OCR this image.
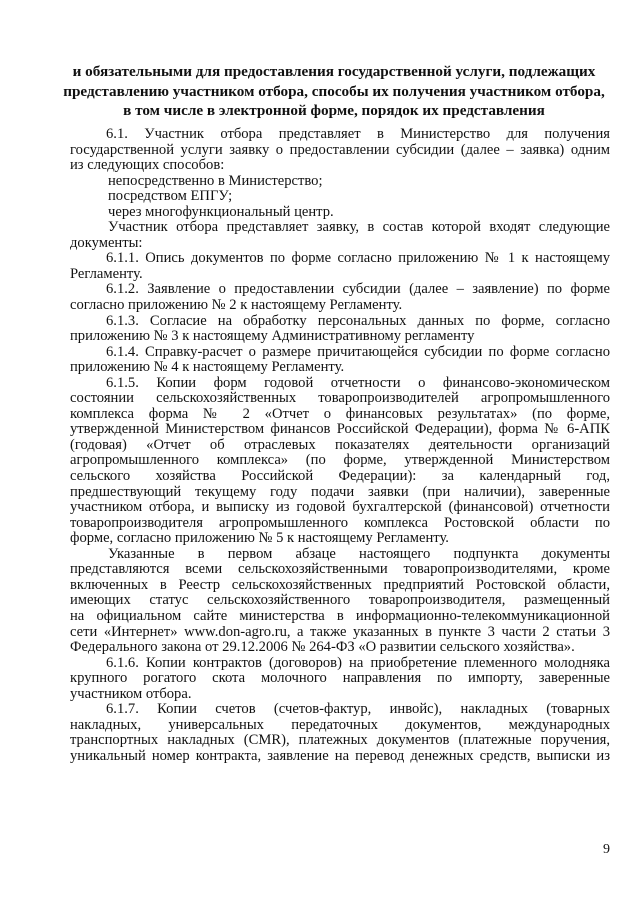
и обязательными для предоставления государственной услуги, подлежащих
представлению участником отбора, способы их получения участником отбора,
в том числе в электронной форме, порядок их представления
6.1. Участник отбора представляет в Министерство для получения
государственной услуги заявку о предоставлении субсидии (далее – заявка) одним
из следующих способов:
непосредственно в Министерство;
посредством ЕПГУ;
через многофункциональный центр.
Участник отбора представляет заявку, в состав которой входят следующие
документы:
6.1.1. Опись документов по форме согласно приложению № 1 к настоящему
Регламенту.
6.1.2. Заявление о предоставлении субсидии (далее – заявление) по форме
согласно приложению № 2 к настоящему Регламенту.
6.1.3. Согласие на обработку персональных данных по форме, согласно
приложению № 3 к настоящему Административному регламенту
6.1.4. Справку-расчет о размере причитающейся субсидии по форме согласно
приложению № 4 к настоящему Регламенту.
6.1.5. Копии форм годовой отчетности о финансово-экономическом
состоянии сельскохозяйственных товаропроизводителей агропромышленного
комплекса форма № 2 «Отчет о финансовых результатах» (по форме,
утвержденной Министерством финансов Российской Федерации), форма № 6-АПК
(годовая) «Отчет об отраслевых показателях деятельности организаций
агропромышленного комплекса» (по форме, утвержденной Министерством
сельского хозяйства Российской Федерации): за календарный год,
предшествующий текущему году подачи заявки (при наличии), заверенные
участником отбора, и выписку из годовой бухгалтерской (финансовой) отчетности
товаропроизводителя агропромышленного комплекса Ростовской области по
форме, согласно приложению № 5 к настоящему Регламенту.
Указанные в первом абзаце настоящего подпункта документы
представляются всеми сельскохозяйственными товаропроизводителями, кроме
включенных в Реестр сельскохозяйственных предприятий Ростовской области,
имеющих статус сельскохозяйственного товаропроизводителя, размещенный
на официальном сайте министерства в информационно-телекоммуникационной
сети «Интернет» www.don-agro.ru, а также указанных в пункте 3 части 2 статьи 3
Федерального закона от 29.12.2006 № 264-ФЗ «О развитии сельского хозяйства».
6.1.6. Копии контрактов (договоров) на приобретение племенного молодняка
крупного рогатого скота молочного направления по импорту, заверенные
участником отбора.
6.1.7. Копии счетов (счетов-фактур, инвойс), накладных (товарных
накладных, универсальных передаточных документов, международных
транспортных накладных (CMR), платежных документов (платежные поручения,
уникальный номер контракта, заявление на перевод денежных средств, выписки из
9
